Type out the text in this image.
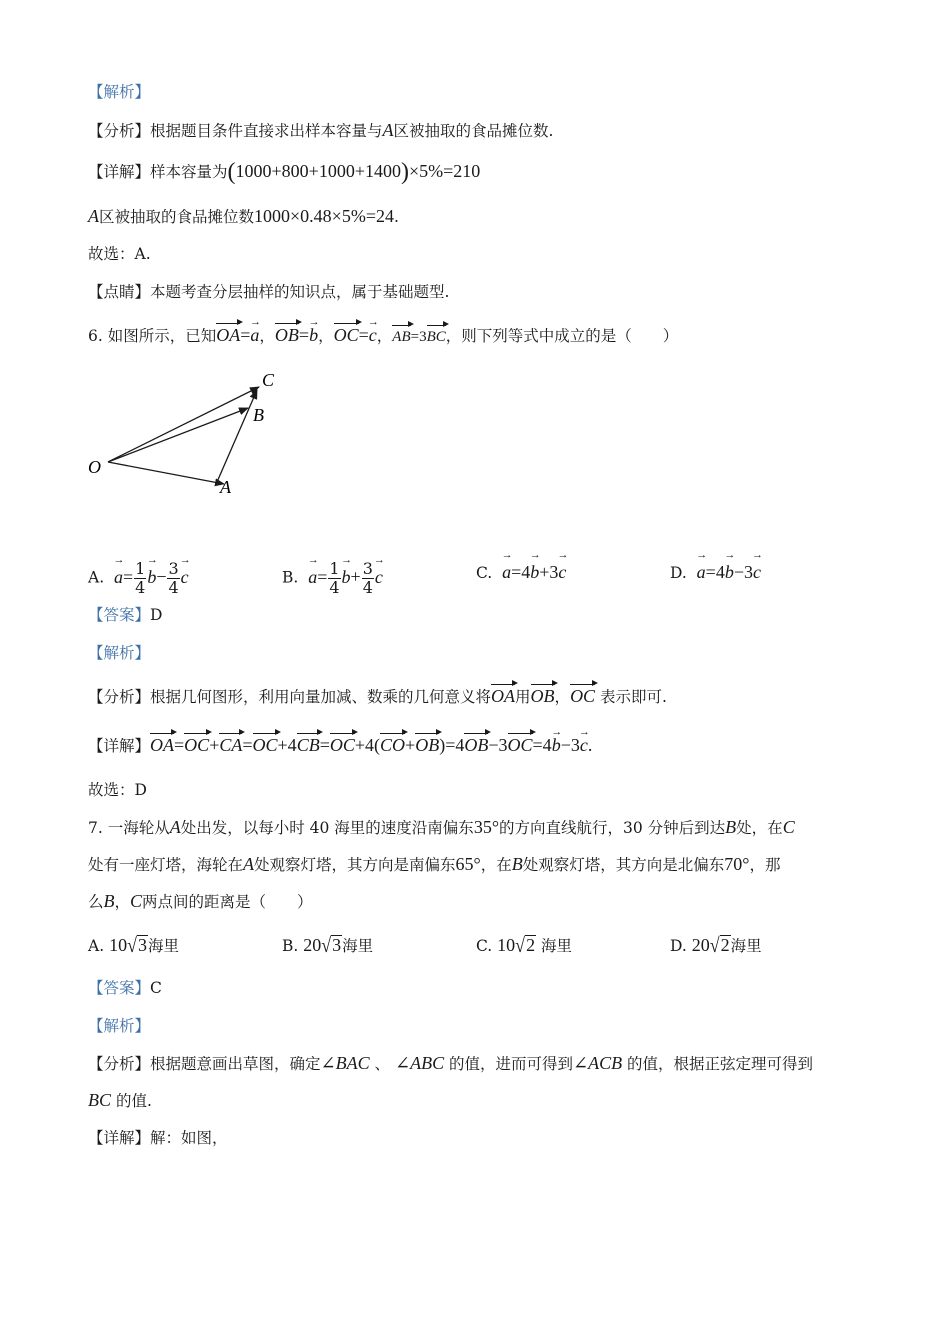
【解析】
【分析】根据题目条件直接求出样本容量与A区被抽取的食品摊位数.
【详解】样本容量为(1000+800+1000+1400)×5%=210
A区被抽取的食品摊位数1000×0.48×5%=24.
故选：A.
【点睛】本题考查分层抽样的知识点，属于基础题型.
6. 如图所示，已知OA=→ a，OB=→ b，OC=→ c，AB=3BC，则下列等式中成立的是（　　）
O
A
B
C
A.  → $a= \frac{1}{4}$
→ $b- \frac{3}{4}$
→ c	B.  → $a= \frac{1}{4}$
→ $b+ \frac{3}{4}$
→ c	C.  → a=4→ b+3→ c	D.  → a=4→ b−3→ c
【答案】D
【解析】
【分析】根据几何图形，利用向量加减、数乘的几何意义将OA用OB，OC 表示即可.
【详解】OA=OC+CA=OC+4CB=OC+4(CO+OB)=4OB−3OC=4→ b−3→ c.
故选：D
7. 一海轮从A处出发，以每小时 40 海里的速度沿南偏东35°的方向直线航行，30 分钟后到达B处，在C
处有一座灯塔，海轮在A处观察灯塔，其方向是南偏东65°，在B处观察灯塔，其方向是北偏东70°，那
么B，C两点间的距离是（　　）
A. 10√3海里	B. 20√3海里	C. 10√2 海里	D. 20√2海里
【答案】C
【解析】
【分析】根据题意画出草图，确定∠BAC 、 ∠ABC 的值，进而可得到∠ACB 的值，根据正弦定理可得到
BC 的值.
【详解】解：如图，
